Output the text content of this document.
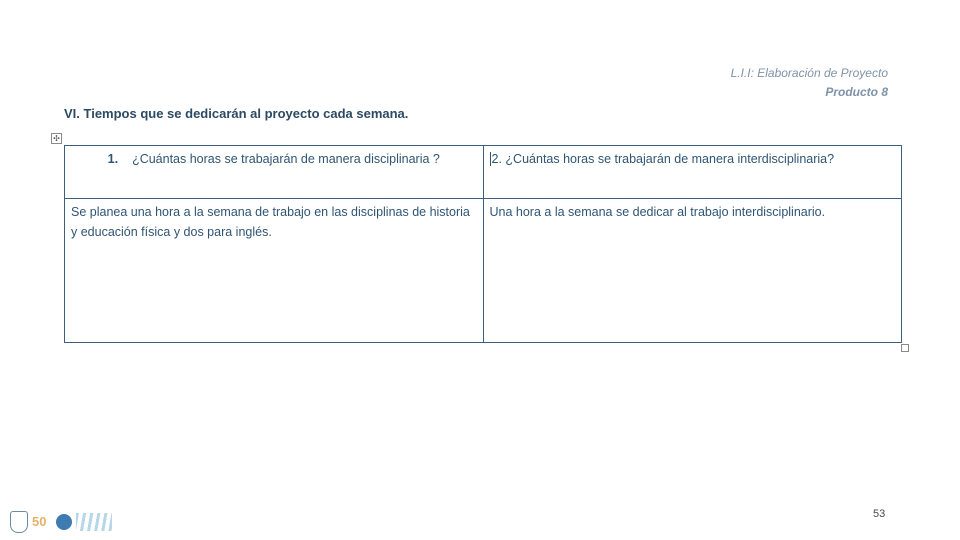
L.I.I: Elaboración de Proyecto
Producto 8
VI. Tiempos que se dedicarán al proyecto cada semana.
✣
1. ¿Cuántas horas se trabajarán de manera disciplinaria ?	2. ¿Cuántas horas se trabajarán de manera interdisciplinaria?
Se planea una hora a la semana de trabajo en las disciplinas de historia y educación física y dos para inglés.	Una hora a la semana se dedicar al trabajo interdisciplinario.
50	53
